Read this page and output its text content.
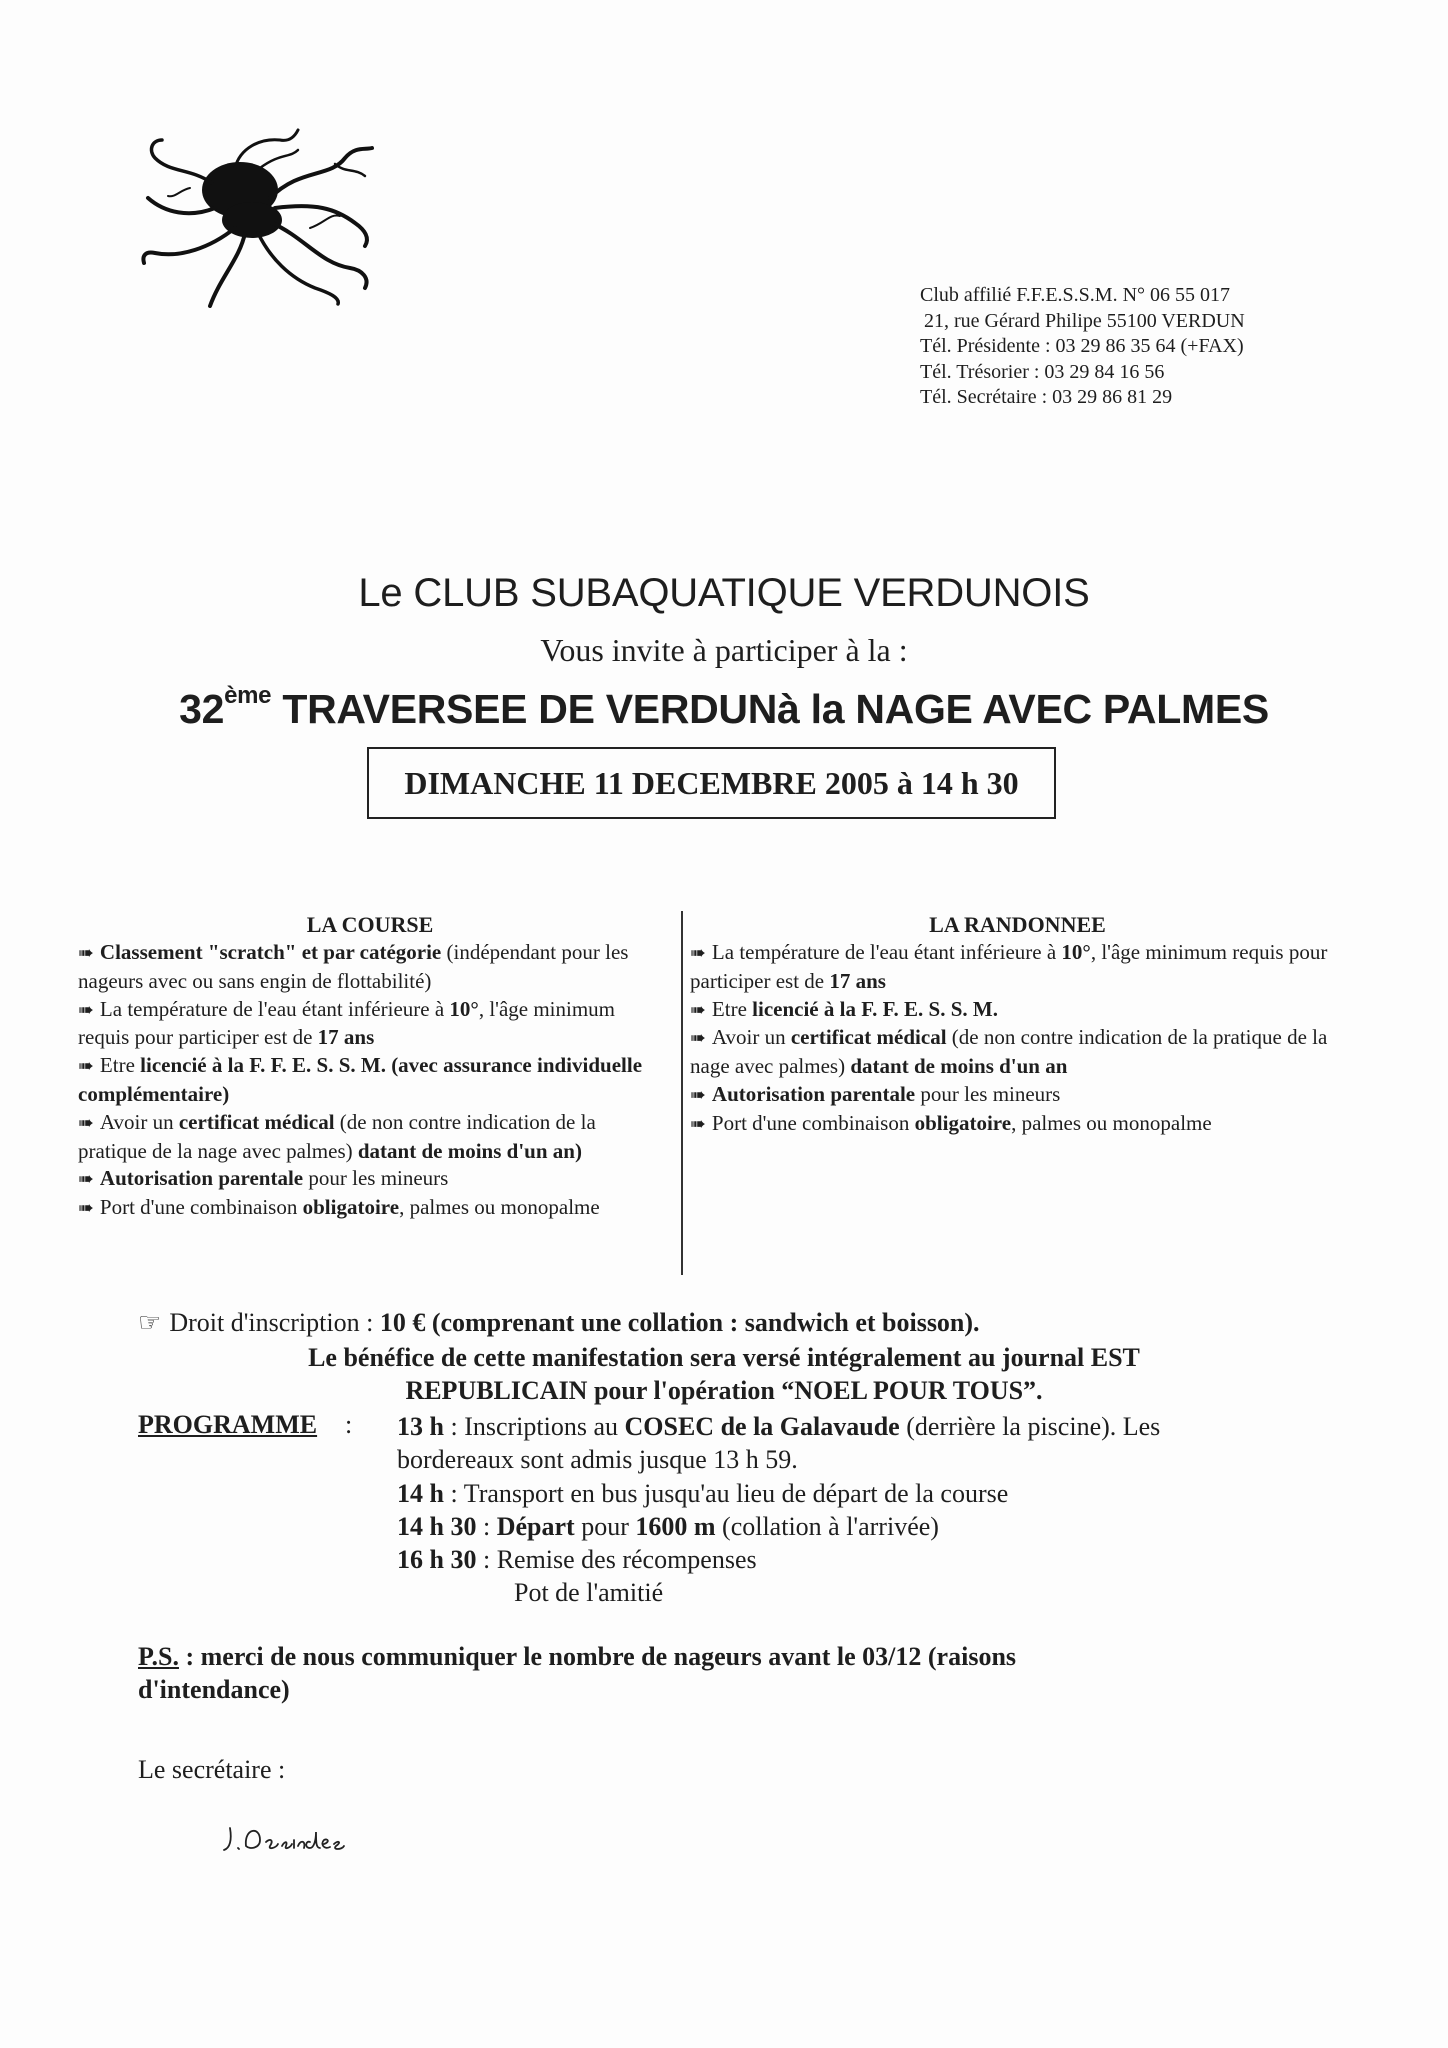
Club affilié F.F.E.S.S.M. N° 06 55 017
21, rue Gérard Philipe 55100 VERDUN
Tél. Présidente : 03 29 86 35 64 (+FAX)
Tél. Trésorier : 03 29 84 16 56
Tél. Secrétaire : 03 29 86 81 29
Le CLUB SUBAQUATIQUE VERDUNOIS
Vous invite à participer à la :
32ème TRAVERSEE DE VERDUNà la NAGE AVEC PALMES
DIMANCHE 11 DECEMBRE 2005 à 14 h 30
LA COURSE

➠ Classement "scratch" et par catégorie (indépendant pour les nageurs avec ou sans engin de flottabilité)

➠ La température de l'eau étant inférieure à 10°, l'âge minimum requis pour participer est de 17 ans

➠ Etre licencié à la F. F. E. S. S. M. (avec assurance individuelle complémentaire)

➠ Avoir un certificat médical (de non contre indication de la pratique de la nage avec palmes) datant de moins d'un an)

➠ Autorisation parentale pour les mineurs

➠ Port d'une combinaison obligatoire, palmes ou monopalme

LA RANDONNEE

➠ La température de l'eau étant inférieure à 10°, l'âge minimum requis pour participer est de 17 ans

➠ Etre licencié à la F. F. E. S. S. M.

➠ Avoir un certificat médical (de non contre indication de la pratique de la nage avec palmes) datant de moins d'un an

➠ Autorisation parentale pour les mineurs

➠ Port d'une combinaison obligatoire, palmes ou monopalme

☞ Droit d'inscription : 10 € (comprenant une collation : sandwich et boisson).
Le bénéfice de cette manifestation sera versé intégralement au journal EST
REPUBLICAIN pour l'opération “NOEL POUR TOUS”.
PROGRAMME : 13 h : Inscriptions au COSEC de la Galavaude (derrière la piscine). Les

bordereaux sont admis jusque 13 h 59.

14 h : Transport en bus jusqu'au lieu de départ de la course

14 h 30 : Départ pour 1600 m (collation à l'arrivée)

16 h 30 : Remise des récompenses

Pot de l'amitié

P.S. : merci de nous communiquer le nombre de nageurs avant le 03/12 (raisons d'intendance)
Le secrétaire :
